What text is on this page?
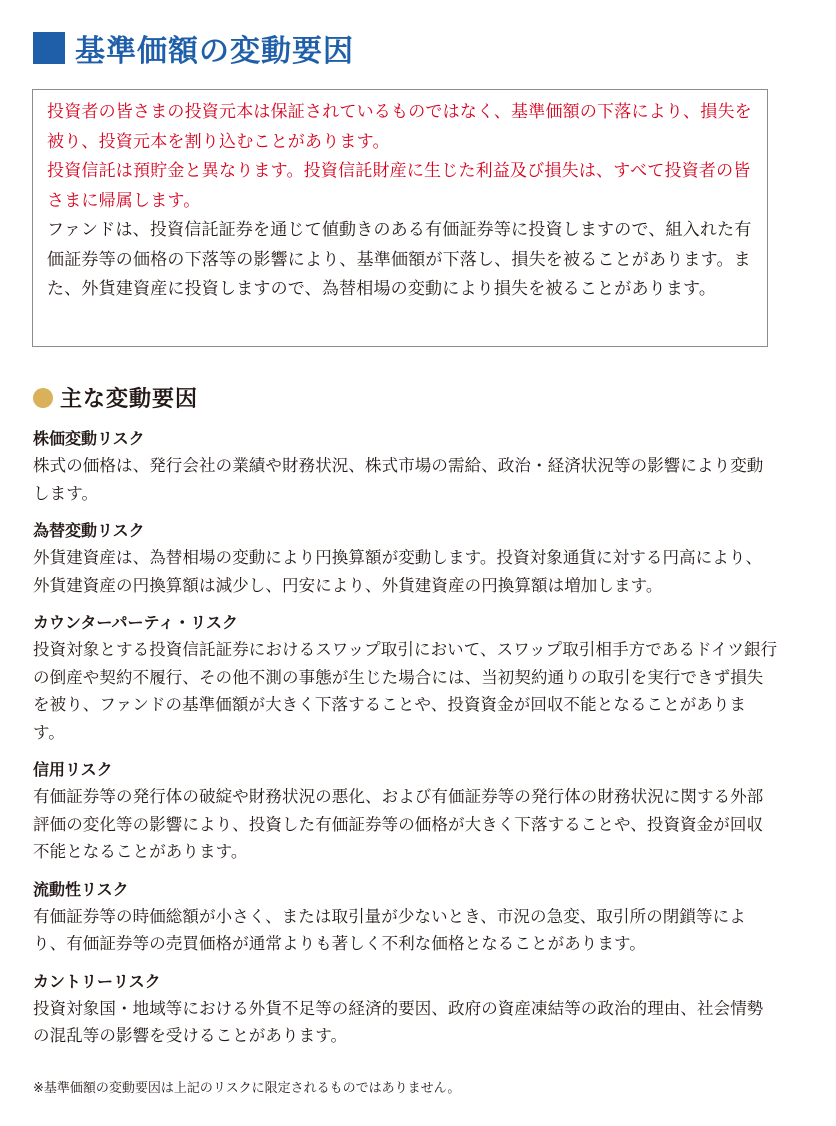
基準価額の変動要因

投資者の皆さまの投資元本は保証されているものではなく、基準価額の下落により、損失を被り、投資元本を割り込むことがあります。

投資信託は預貯金と異なります。投資信託財産に生じた利益及び損失は、すべて投資者の皆さまに帰属します。

ファンドは、投資信託証券を通じて値動きのある有価証券等に投資しますので、組入れた有価証券等の価格の下落等の影響により、基準価額が下落し、損失を被ることがあります。また、外貨建資産に投資しますので、為替相場の変動により損失を被ることがあります。

主な変動要因
株価変動リスク

株式の価格は、発行会社の業績や財務状況、株式市場の需給、政治・経済状況等の影響により変動します。

為替変動リスク

外貨建資産は、為替相場の変動により円換算額が変動します。投資対象通貨に対する円高により、外貨建資産の円換算額は減少し、円安により、外貨建資産の円換算額は増加します。

カウンターパーティ・リスク

投資対象とする投資信託証券におけるスワップ取引において、スワップ取引相手方であるドイツ銀行の倒産や契約不履行、その他不測の事態が生じた場合には、当初契約通りの取引を実行できず損失を被り、ファンドの基準価額が大きく下落することや、投資資金が回収不能となることがあります。

信用リスク

有価証券等の発行体の破綻や財務状況の悪化、および有価証券等の発行体の財務状況に関する外部評価の変化等の影響により、投資した有価証券等の価格が大きく下落することや、投資資金が回収不能となることがあります。

流動性リスク

有価証券等の時価総額が小さく、または取引量が少ないとき、市況の急変、取引所の閉鎖等により、有価証券等の売買価格が通常よりも著しく不利な価格となることがあります。

カントリーリスク

投資対象国・地域等における外貨不足等の経済的要因、政府の資産凍結等の政治的理由、社会情勢の混乱等の影響を受けることがあります。

※基準価額の変動要因は上記のリスクに限定されるものではありません。
